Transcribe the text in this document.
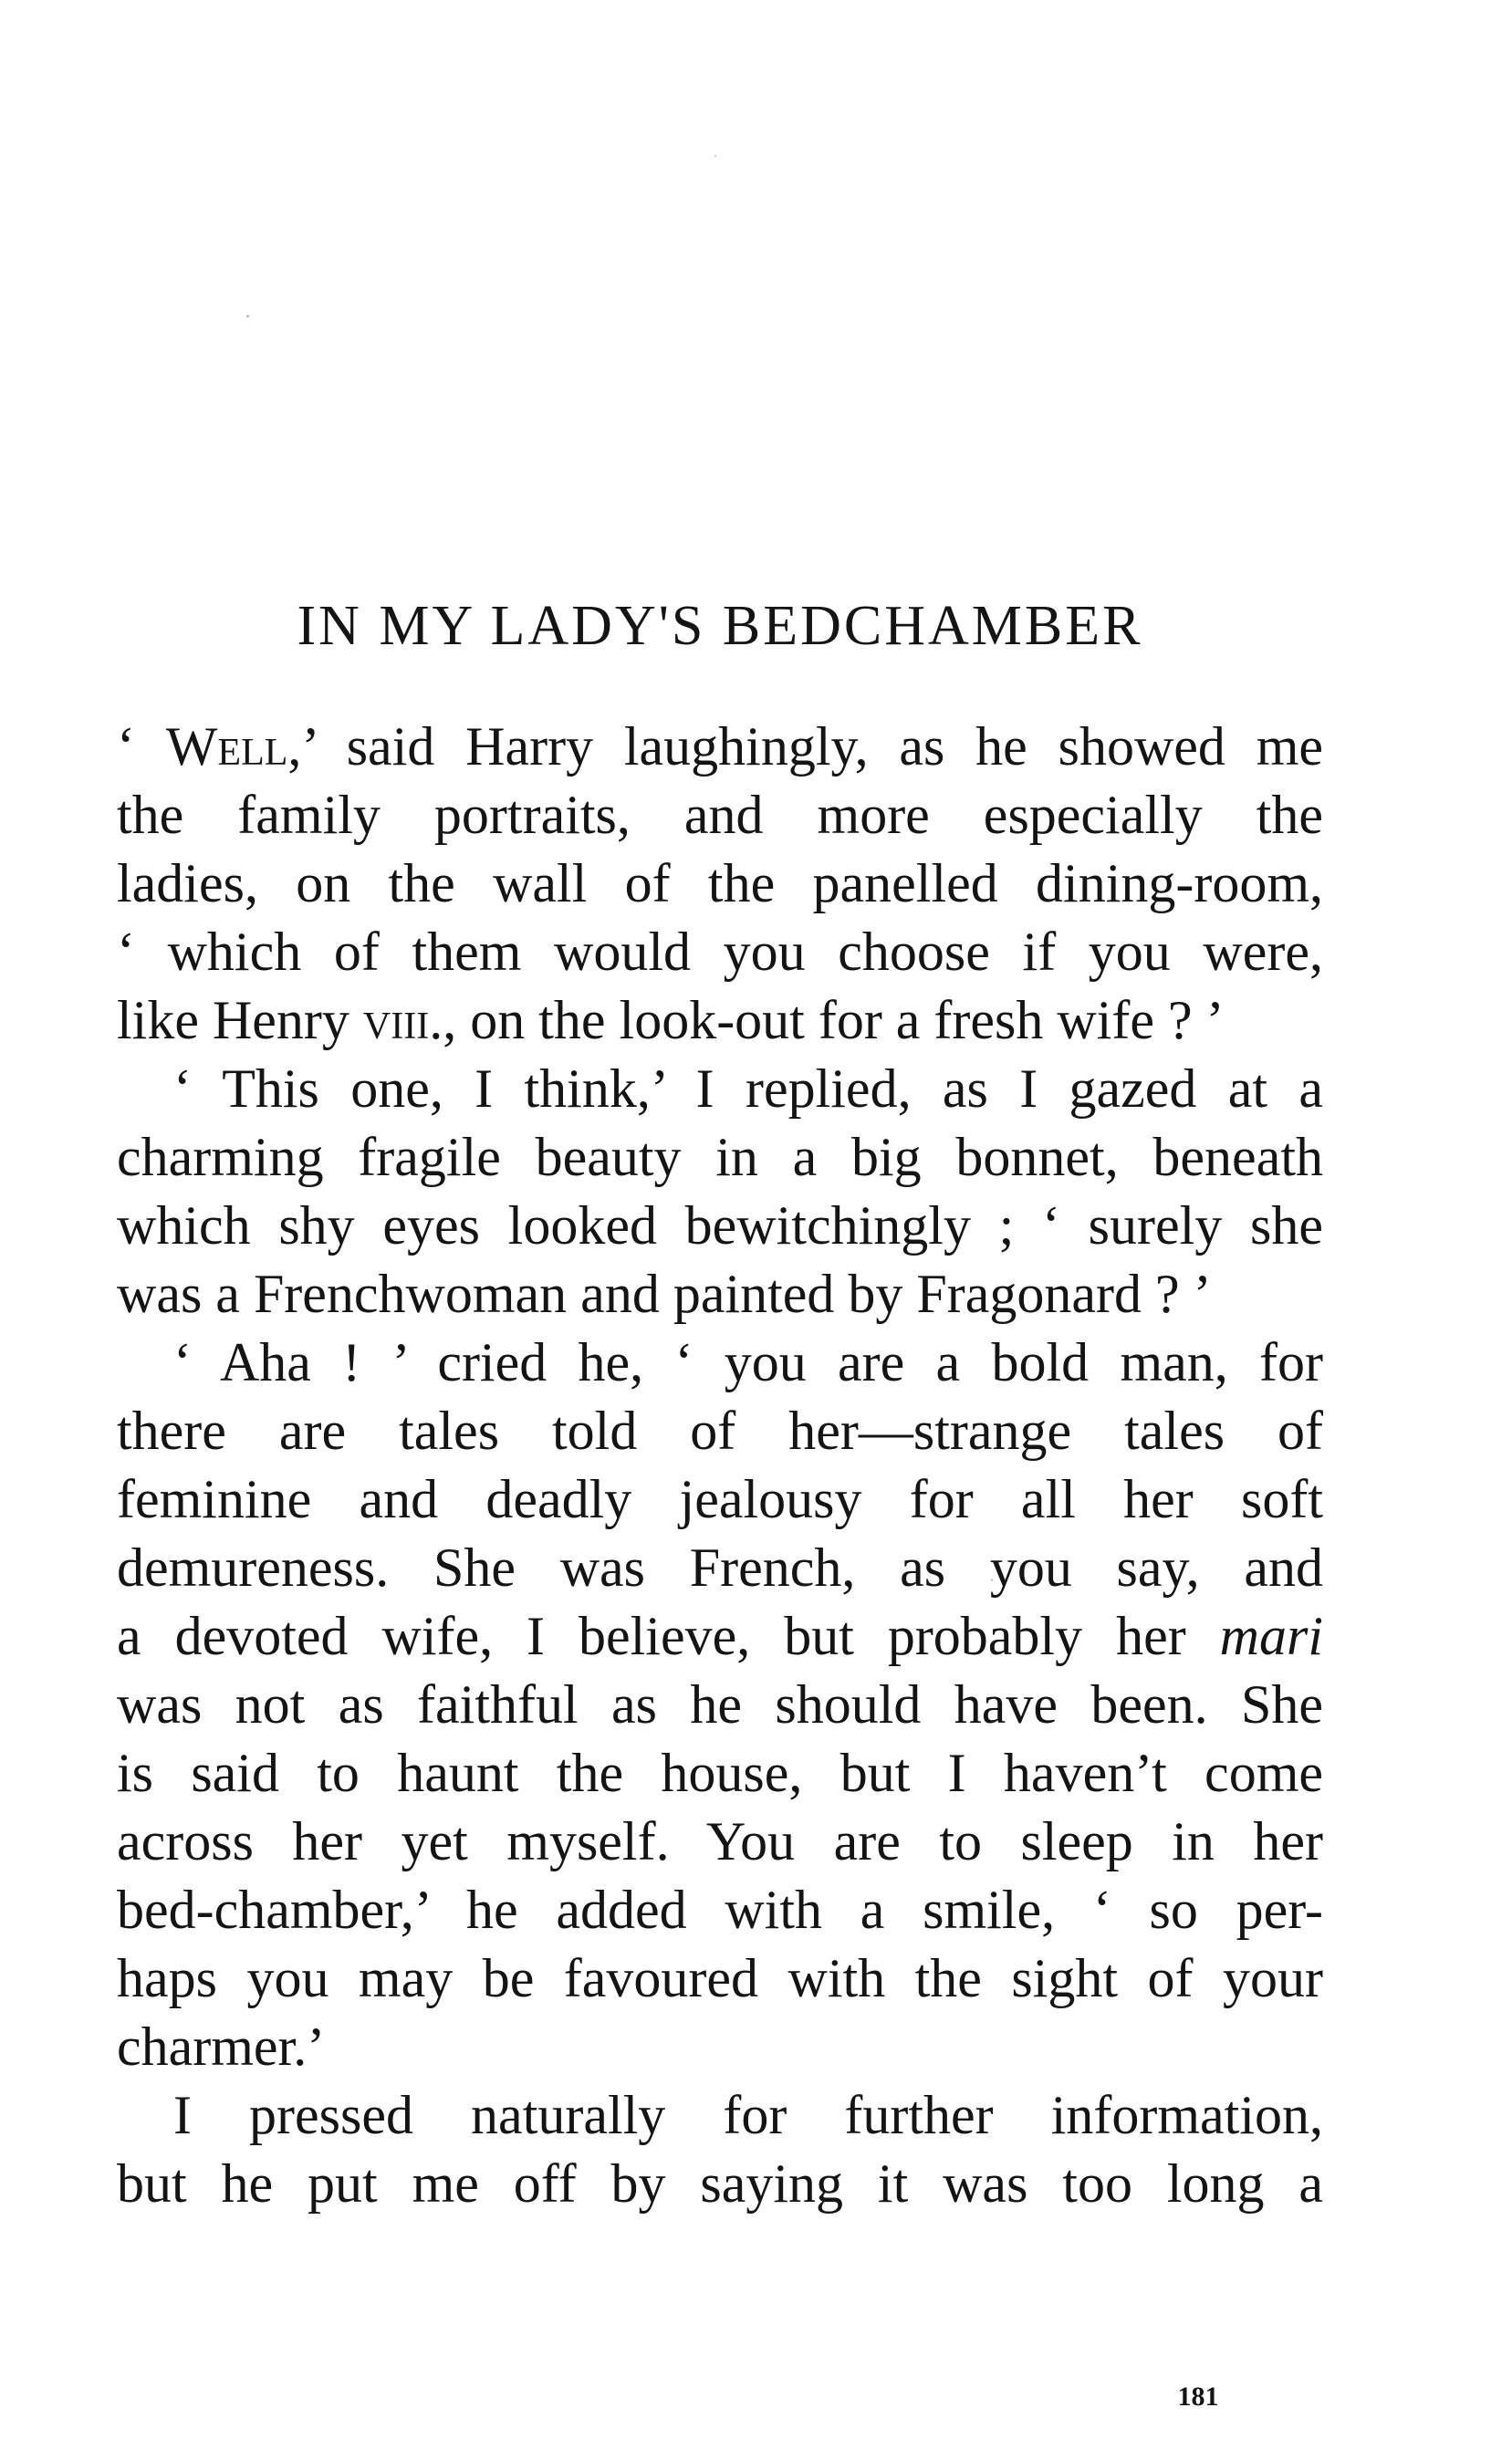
IN MY LADY'S BEDCHAMBER
‘ Well,’ said Harry laughingly, as he showed me
the family portraits, and more especially the
ladies, on the wall of the panelled dining-room,
‘ which of them would you choose if you were,
like Henry viii., on the look-out for a fresh wife ? ’
‘ This one, I think,’ I replied, as I gazed at a
charming fragile beauty in a big bonnet, beneath
which shy eyes looked bewitchingly ; ‘ surely she
was a Frenchwoman and painted by Fragonard ? ’
‘ Aha ! ’ cried he, ‘ you are a bold man, for
there are tales told of her—strange tales of
feminine and deadly jealousy for all her soft
demureness. She was French, as you say, and
a devoted wife, I believe, but probably her mari
was not as faithful as he should have been. She
is said to haunt the house, but I haven’t come
across her yet myself. You are to sleep in her
bed-chamber,’ he added with a smile, ‘ so per-
haps you may be favoured with the sight of your
charmer.’
I pressed naturally for further information,
but he put me off by saying it was too long a
181
